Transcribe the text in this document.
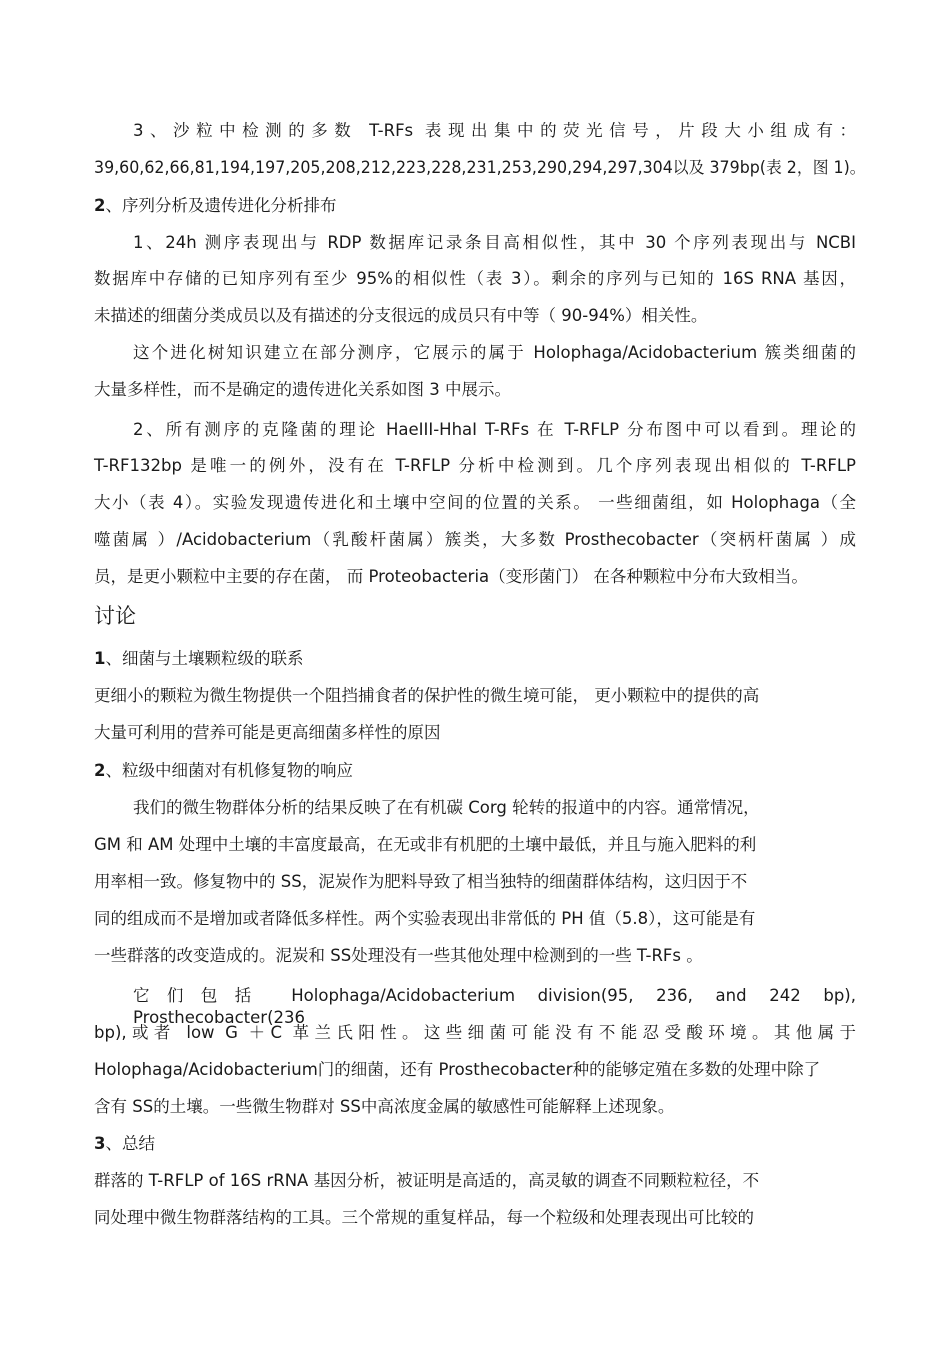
3、沙粒中检测的多数 T-RFs 表现出集中的荧光信号，片段大小组成有：
39,60,62,66,81,194,197,205,208,212,223,228,231,253,290,294,297,304以及 379bp(表 2，图 1)。
2、序列分析及遗传进化分析排布
1、24h 测序表现出与 RDP 数据库记录条目高相似性，其中 30 个序列表现出与 NCBI
数据库中存储的已知序列有至少 95%的相似性（表 3）。剩余的序列与已知的 16S RNA 基因，
未描述的细菌分类成员以及有描述的分支很远的成员只有中等（ 90-94%）相关性。
这个进化树知识建立在部分测序，它展示的属于 Holophaga/Acidobacterium 簇类细菌的
大量多样性，而不是确定的遗传进化关系如图 3 中展示。
2、所有测序的克隆菌的理论 HaeIII-HhaI T-RFs 在 T-RFLP 分布图中可以看到。理论的
T-RF132bp 是唯一的例外，没有在 T-RFLP 分析中检测到。几个序列表现出相似的 T-RFLP
大小（表 4）。实验发现遗传进化和土壤中空间的位置的关系。 一些细菌组，如 Holophaga（全
噬菌属 ）/Acidobacterium（乳酸杆菌属）簇类，大多数 Prosthecobacter（突柄杆菌属 ）成
员，是更小颗粒中主要的存在菌， 而 Proteobacteria（变形菌门） 在各种颗粒中分布大致相当。
讨论
1、细菌与土壤颗粒级的联系
更细小的颗粒为微生物提供一个阻挡捕食者的保护性的微生境可能， 更小颗粒中的提供的高
大量可利用的营养可能是更高细菌多样性的原因
2、粒级中细菌对有机修复物的响应
我们的微生物群体分析的结果反映了在有机碳 Corg 轮转的报道中的内容。通常情况，
GM 和 AM 处理中土壤的丰富度最高，在无或非有机肥的土壤中最低，并且与施入肥料的利
用率相一致。修复物中的 SS，泥炭作为肥料导致了相当独特的细菌群体结构，这归因于不
同的组成而不是增加或者降低多样性。两个实验表现出非常低的 PH 值（5.8），这可能是有
一些群落的改变造成的。泥炭和 SS处理没有一些其他处理中检测到的一些 T-RFs 。
它们包括 Holophaga/Acidobacterium division(95, 236, and 242 bp), Prosthecobacter(236
bp),或者 low G ＋C 革兰氏阳性。这些细菌可能没有不能忍受酸环境。其他属于
Holophaga/Acidobacterium门的细菌，还有 Prosthecobacter种的能够定殖在多数的处理中除了
含有 SS的土壤。一些微生物群对 SS中高浓度金属的敏感性可能解释上述现象。
3、总结
群落的 T-RFLP of 16S rRNA 基因分析，被证明是高适的，高灵敏的调查不同颗粒粒径，不
同处理中微生物群落结构的工具。三个常规的重复样品，每一个粒级和处理表现出可比较的
